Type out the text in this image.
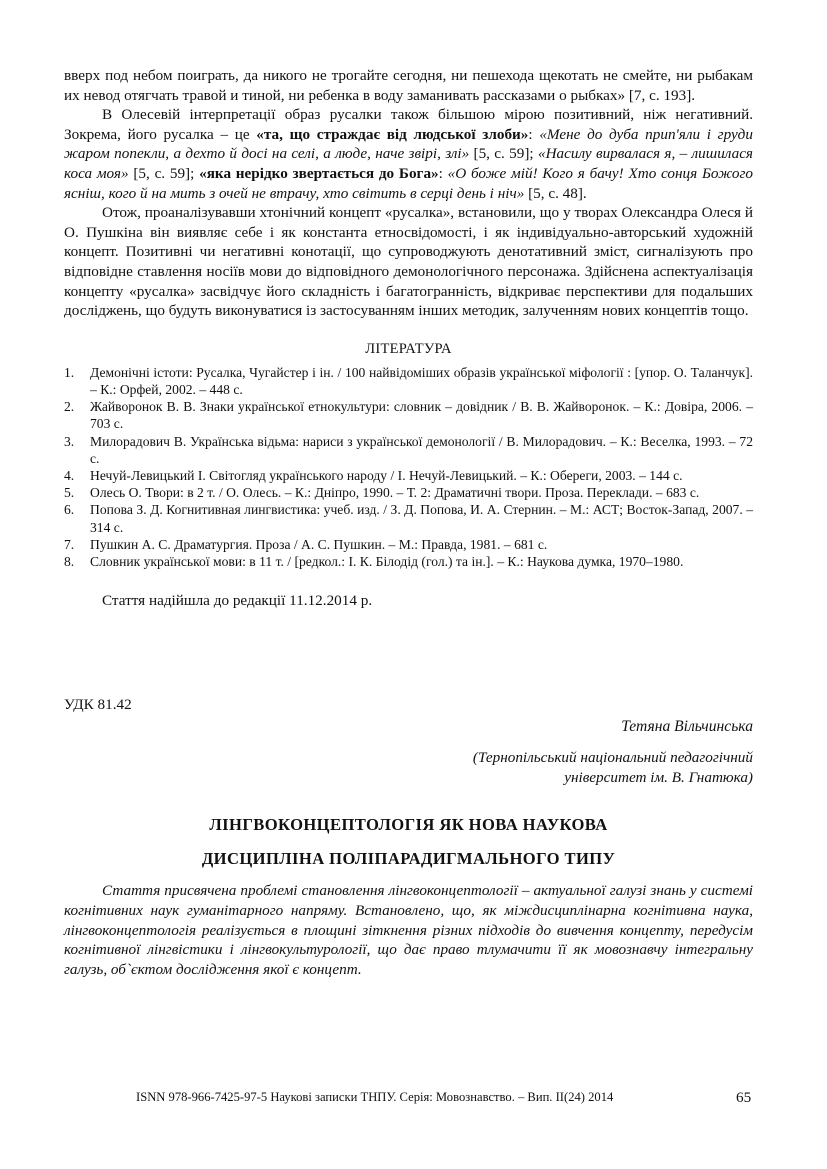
вверх под небом поиграть, да никого не трогайте сегодня, ни пешехода щекотать не смейте, ни рыбакам их невод отягчать травой и тиной, ни ребенка в воду заманивать рассказами о рыбках» [7, с. 193].

В Олесевій інтерпретації образ русалки також більшою мірою позитивний, ніж негативний. Зокрема, його русалка – це «та, що страждає від людської злоби»: «Мене до дуба прип'яли і груди жаром попекли, а дехто й досі на селі, а люде, наче звірі, злі» [5, с. 59]; «Насилу вирвалася я, – лишилася коса моя» [5, с. 59]; «яка нерідко звертається до Бога»: «О боже мій! Кого я бачу! Хто сонця Божого ясніш, кого й на мить з очей не втрачу, хто світить в серці день і ніч» [5, с. 48].

Отож, проаналізувавши хтонічний концепт «русалка», встановили, що у творах Олександра Олеся й О. Пушкіна він виявляє себе і як константа етносвідомості, і як індивідуально-авторський художній концепт. Позитивні чи негативні конотації, що супроводжують денотативний зміст, сигналізують про відповідне ставлення носіїв мови до відповідного демонологічного персонажа. Здійснена аспектуалізація концепту «русалка» засвідчує його складність і багатогранність, відкриває перспективи для подальших досліджень, що будуть виконуватися із застосуванням інших методик, залученням нових концептів тощо.

ЛІТЕРАТУРА
1. Демонічні істоти: Русалка, Чугайстер і ін. / 100 найвідоміших образів української міфології : [упор. О. Таланчук]. – К.: Орфей, 2002. – 448 с.
2. Жайворонок В. В. Знаки української етнокультури: словник – довідник / В. В. Жайворонок. – К.: Довіра, 2006. – 703 с.
3. Милорадович В. Українська відьма: нариси з української демонології / В. Милорадович. – К.: Веселка, 1993. – 72 с.
4. Нечуй-Левицький І. Світогляд українського народу / І. Нечуй-Левицький. – К.: Обереги, 2003. – 144 с.
5. Олесь О. Твори: в 2 т. / О. Олесь. – К.: Дніпро, 1990. – Т. 2: Драматичні твори. Проза. Переклади. – 683 с.
6. Попова З. Д. Когнитивная лингвистика: учеб. изд. / З. Д. Попова, И. А. Стернин. – М.: АСТ; Восток-Запад, 2007. – 314 с.
7. Пушкин А. С. Драматургия. Проза / А. С. Пушкин. – М.: Правда, 1981. – 681 с.
8. Словник української мови: в 11 т. / [редкол.: І. К. Білодід (гол.) та ін.]. – К.: Наукова думка, 1970–1980.
Стаття надійшла до редакції 11.12.2014 р.
УДК 81.42
Тетяна Вільчинська
(Тернопільський національний педагогічний
університет ім. В. Гнатюка)
ЛІНГВОКОНЦЕПТОЛОГІЯ ЯК НОВА НАУКОВА
ДИСЦИПЛІНА ПОЛІПАРАДИГМАЛЬНОГО ТИПУ

Стаття присвячена проблемі становлення лінгвоконцептології – актуальної галузі знань у системі когнітивних наук гуманітарного напряму. Встановлено, що, як міждисциплінарна когнітивна наука, лінгвоконцептологія реалізується в площині зіткнення різних підходів до вивчення концепту, передусім когнітивної лінгвістики і лінгвокультурології, що дає право тлумачити її як мовознавчу інтегральну галузь, об`єктом дослідження якої є концепт.

ISNN 978-966-7425-97-5 Наукові записки ТНПУ. Серія: Мовознавство. – Вип. ІІ(24) 2014	65
